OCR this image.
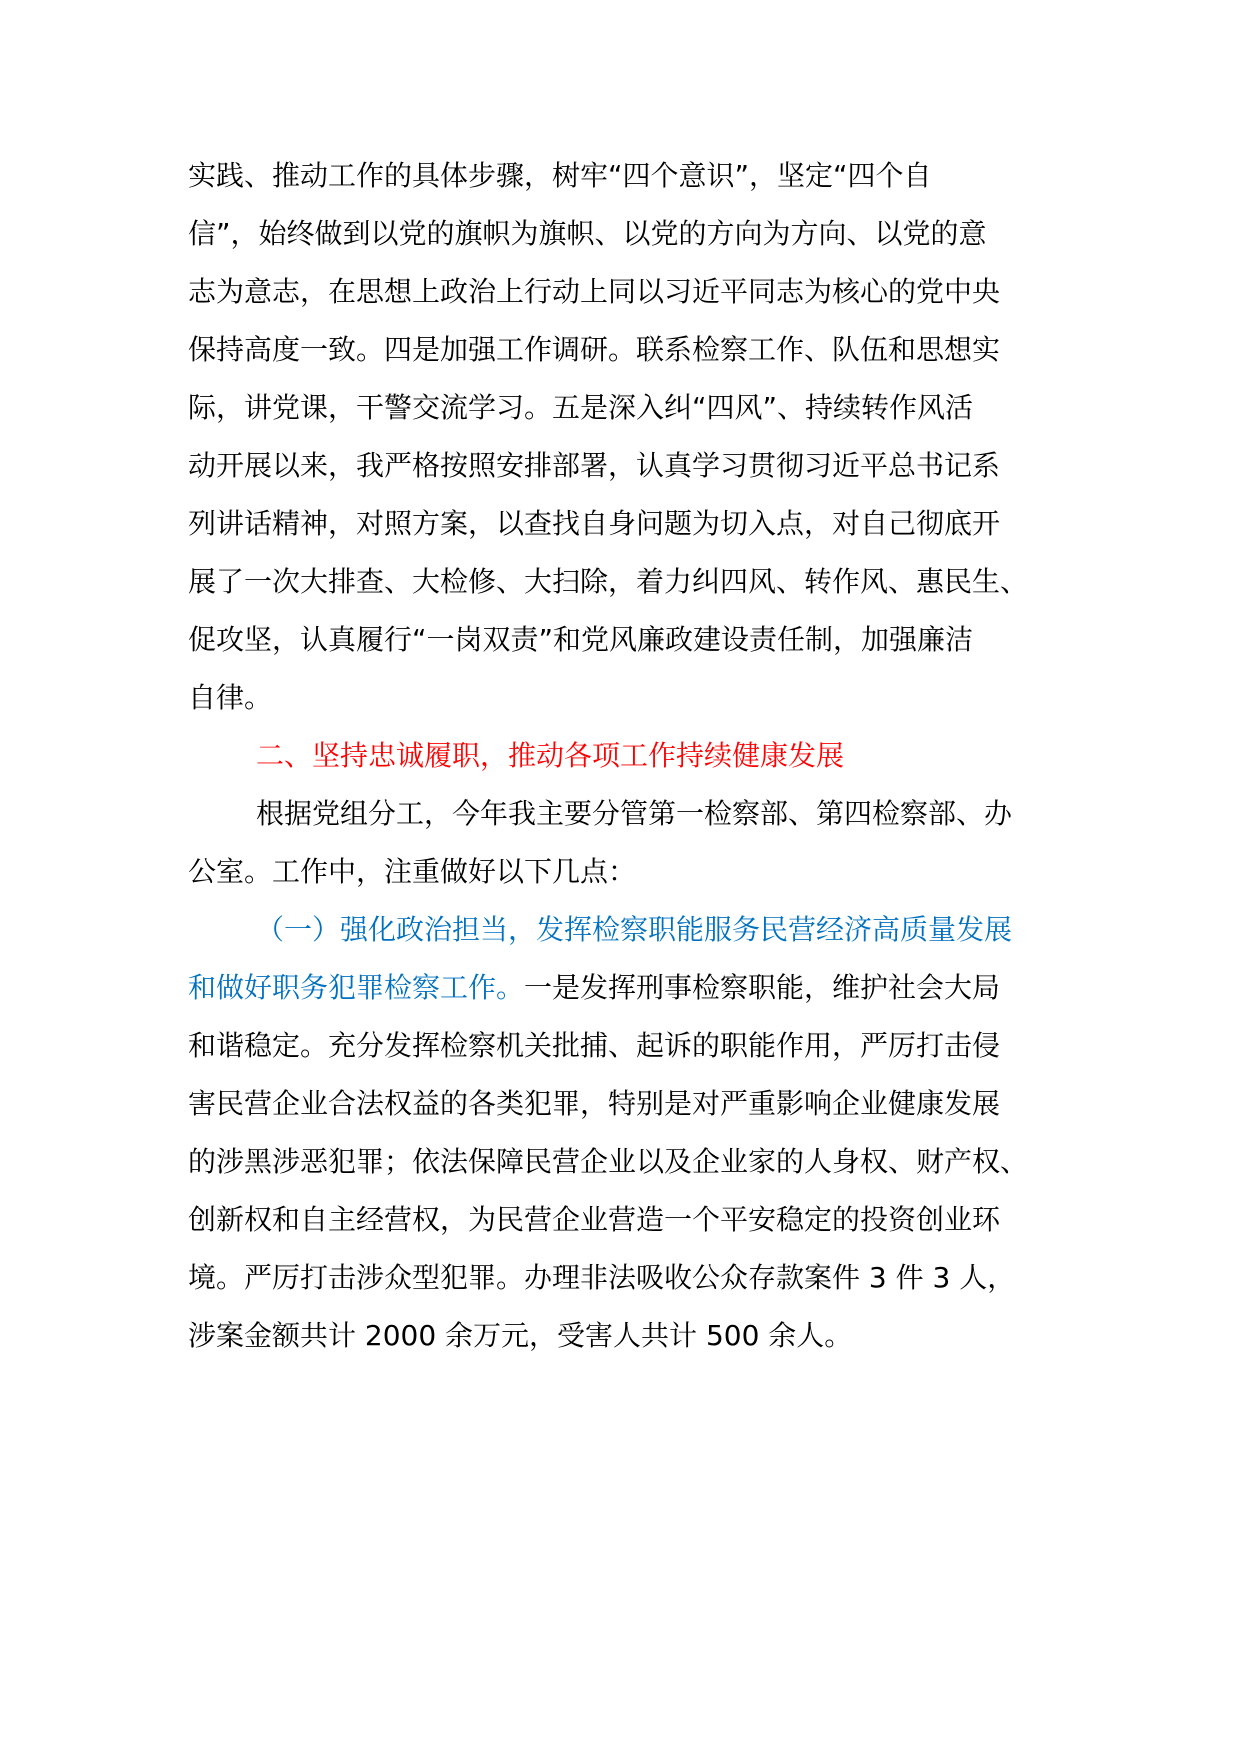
实践、推动工作的具体步骤，树牢“四个意识”，坚定“四个自
信”，始终做到以党的旗帜为旗帜、以党的方向为方向、以党的意
志为意志，在思想上政治上行动上同以习近平同志为核心的党中央
保持高度一致。四是加强工作调研。联系检察工作、队伍和思想实
际，讲党课，干警交流学习。五是深入纠“四风”、持续转作风活
动开展以来，我严格按照安排部署，认真学习贯彻习近平总书记系
列讲话精神，对照方案，以查找自身问题为切入点，对自己彻底开
展了一次大排查、大检修、大扫除，着力纠四风、转作风、惠民生、
促攻坚，认真履行“一岗双责”和党风廉政建设责任制，加强廉洁
自律。
二、坚持忠诚履职，推动各项工作持续健康发展
根据党组分工，今年我主要分管第一检察部、第四检察部、办
公室。工作中，注重做好以下几点：
（一）强化政治担当，发挥检察职能服务民营经济高质量发展
和做好职务犯罪检察工作。一是发挥刑事检察职能，维护社会大局
和谐稳定。充分发挥检察机关批捕、起诉的职能作用，严厉打击侵
害民营企业合法权益的各类犯罪，特别是对严重影响企业健康发展
的涉黑涉恶犯罪；依法保障民营企业以及企业家的人身权、财产权、
创新权和自主经营权，为民营企业营造一个平安稳定的投资创业环
境。严厉打击涉众型犯罪。办理非法吸收公众存款案件 3 件 3 人，
涉案金额共计 2000 余万元，受害人共计 500 余人。
